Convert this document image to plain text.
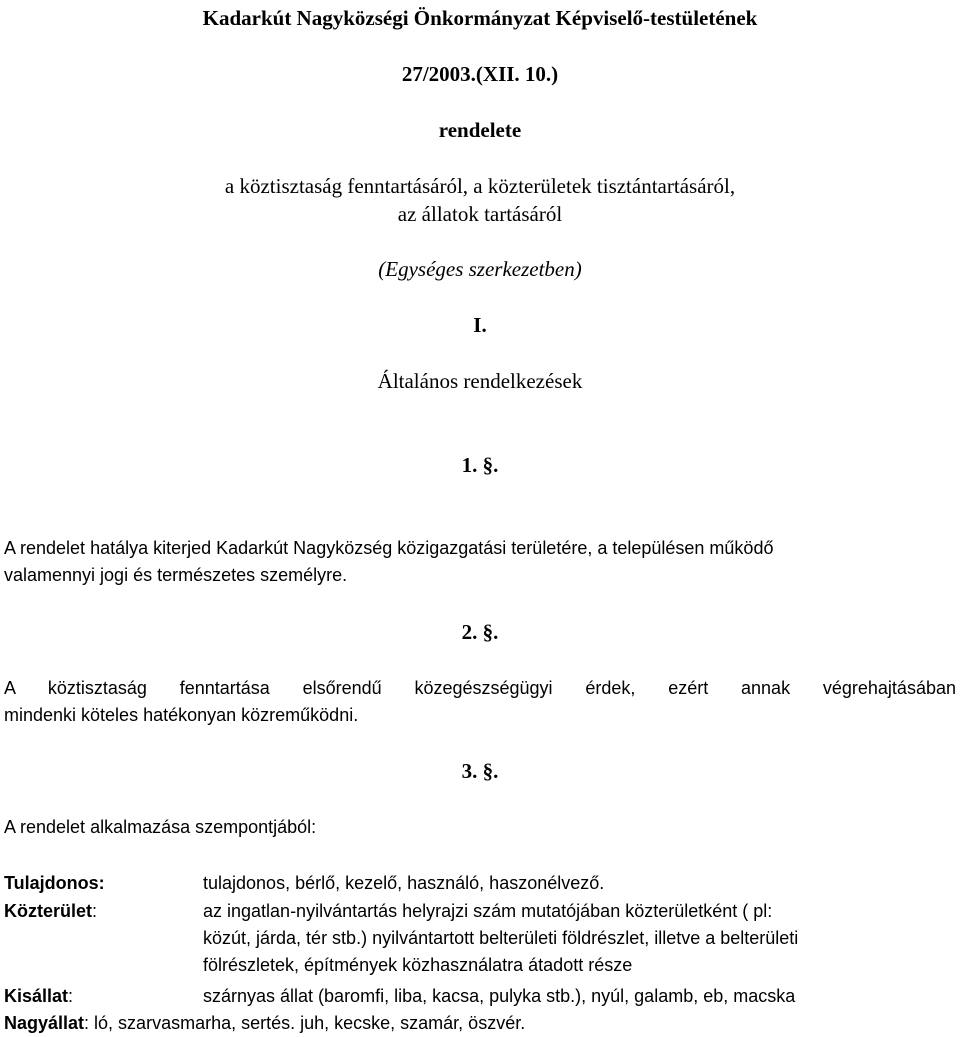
Kadarkút Nagyközségi Önkormányzat Képviselő-testületének
27/2003.(XII. 10.)
rendelete
a köztisztaság fenntartásáról, a közterületek tisztántartásáról,
az állatok tartásáról
(Egységes szerkezetben)
I.
Általános rendelkezések
1. §.
A rendelet hatálya kiterjed Kadarkút Nagyközség közigazgatási területére, a településen működő
valamennyi jogi és természetes személyre.
2. §.
A köztisztaság fenntartása elsőrendű közegészségügyi érdek, ezért annak végrehajtásában
mindenki köteles hatékonyan közreműködni.
3. §.
A rendelet alkalmazása szempontjából:
Tulajdonos:	tulajdonos, bérlő, kezelő, használó, haszonélvező.
Közterület:	az ingatlan-nyilvántartás helyrajzi szám mutatójában közterületként ( pl:
közút, járda, tér stb.) nyilvántartott belterületi földrészlet, illetve a belterületi
fölrészletek, építmények közhasználatra átadott része
Kisállat:	szárnyas állat (baromfi, liba, kacsa, pulyka stb.), nyúl, galamb, eb, macska
Nagyállat: ló, szarvasmarha, sertés. juh, kecske, szamár, öszvér.
